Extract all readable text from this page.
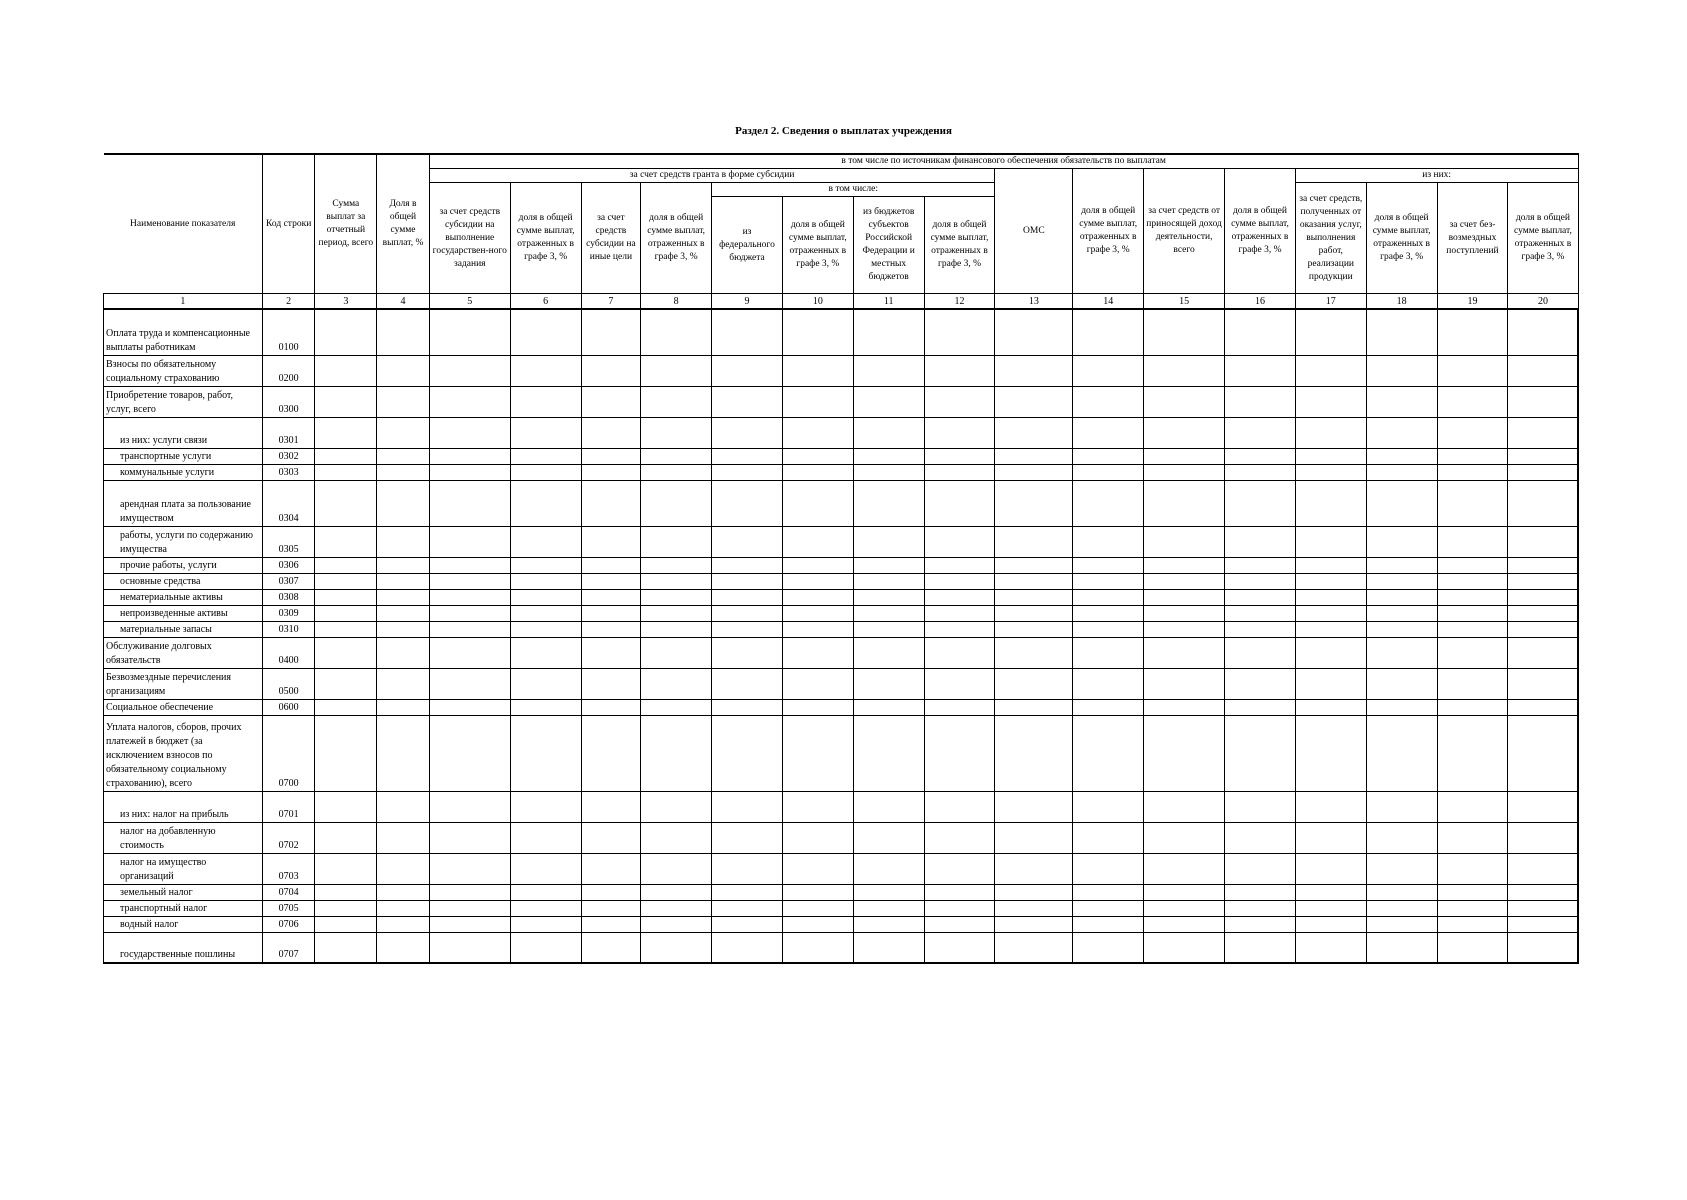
Раздел 2. Сведения о выплатах учреждения
Наименование показателя	Код строки	Сумма выплат за отчетный период, всего	Доля в общей сумме выплат, %	в том числе по источникам финансового обеспечения обязательств по выплатам															
				за счет средств гранта в форме субсидии								ОМС	доля в общей сумме выплат, отраженных в графе 3, %	за счет средств от приносящей доход деятельности, всего	доля в общей сумме выплат, отраженных в графе 3, %	из них:			
				за счет средств субсидии на выполнение государствен-ного задания	доля в общей сумме выплат, отраженных в графе 3, %	за счет средств субсидии на иные цели	доля в общей сумме выплат, отраженных в графе 3, %	в том числе:								за счет средств, полученных от оказания услуг, выполнения работ, реализации продукции	доля в общей сумме выплат, отраженных в графе 3, %	за счет без-возмездных поступлений	доля в общей сумме выплат, отраженных в графе 3, %
								из федерального бюджета	доля в общей сумме выплат, отраженных в графе 3, %	из бюджетов субъектов Российской Федерации и местных бюджетов	доля в общей сумме выплат, отраженных в графе 3, %								
1	2	3	4	5	6	7	8	9	10	11	12	13	14	15	16	17	18	19	20
Оплата труда и компенсационные выплаты работникам	0100																		
Взносы по обязательному социальному страхованию	0200																		
Приобретение товаров, работ, услуг, всего	0300																		
из них: услуги связи	0301																		
транспортные услуги	0302																		
коммунальные услуги	0303																		
арендная плата за пользование имуществом	0304																		
работы, услуги по содержанию имущества	0305																		
прочие работы, услуги	0306																		
основные средства	0307																		
нематериальные активы	0308																		
непроизведенные активы	0309																		
материальные запасы	0310																		
Обслуживание долговых обязательств	0400																		
Безвозмездные перечисления организациям	0500																		
Социальное обеспечение	0600																		
Уплата налогов, сборов, прочих платежей в бюджет (за исключением взносов по обязательному социальному страхованию), всего	0700																		
из них: налог на прибыль	0701																		
налог на добавленную стоимость	0702																		
налог на имущество организаций	0703																		
земельный налог	0704																		
транспортный налог	0705																		
водный налог	0706																		
государственные пошлины	0707																		
